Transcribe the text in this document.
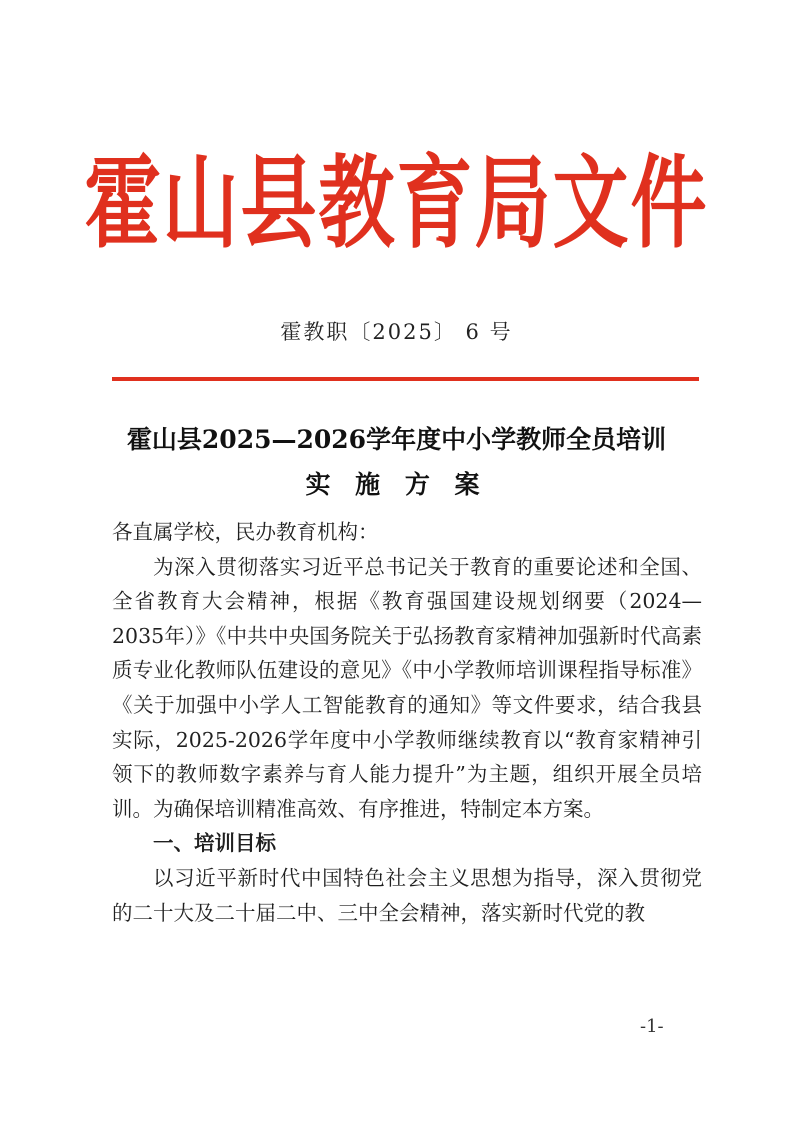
霍山县教育局文件
霍教职〔2025〕 6 号
霍山县2025—2026学年度中小学教师全员培训
实 施 方 案

各直属学校，民办教育机构：

为深入贯彻落实习近平总书记关于教育的重要论述和全国、全省教育大会精神，根据《教育强国建设规划纲要（2024—2035年）》《中共中央国务院关于弘扬教育家精神加强新时代高素质专业化教师队伍建设的意见》《中小学教师培训课程指导标准》《关于加强中小学人工智能教育的通知》等文件要求，结合我县实际，2025-2026学年度中小学教师继续教育以“教育家精神引领下的教师数字素养与育人能力提升”为主题，组织开展全员培训。为确保培训精准高效、有序推进，特制定本方案。

一、培训目标

以习近平新时代中国特色社会主义思想为指导，深入贯彻党的二十大及二十届二中、三中全会精神，落实新时代党的教

-1-
